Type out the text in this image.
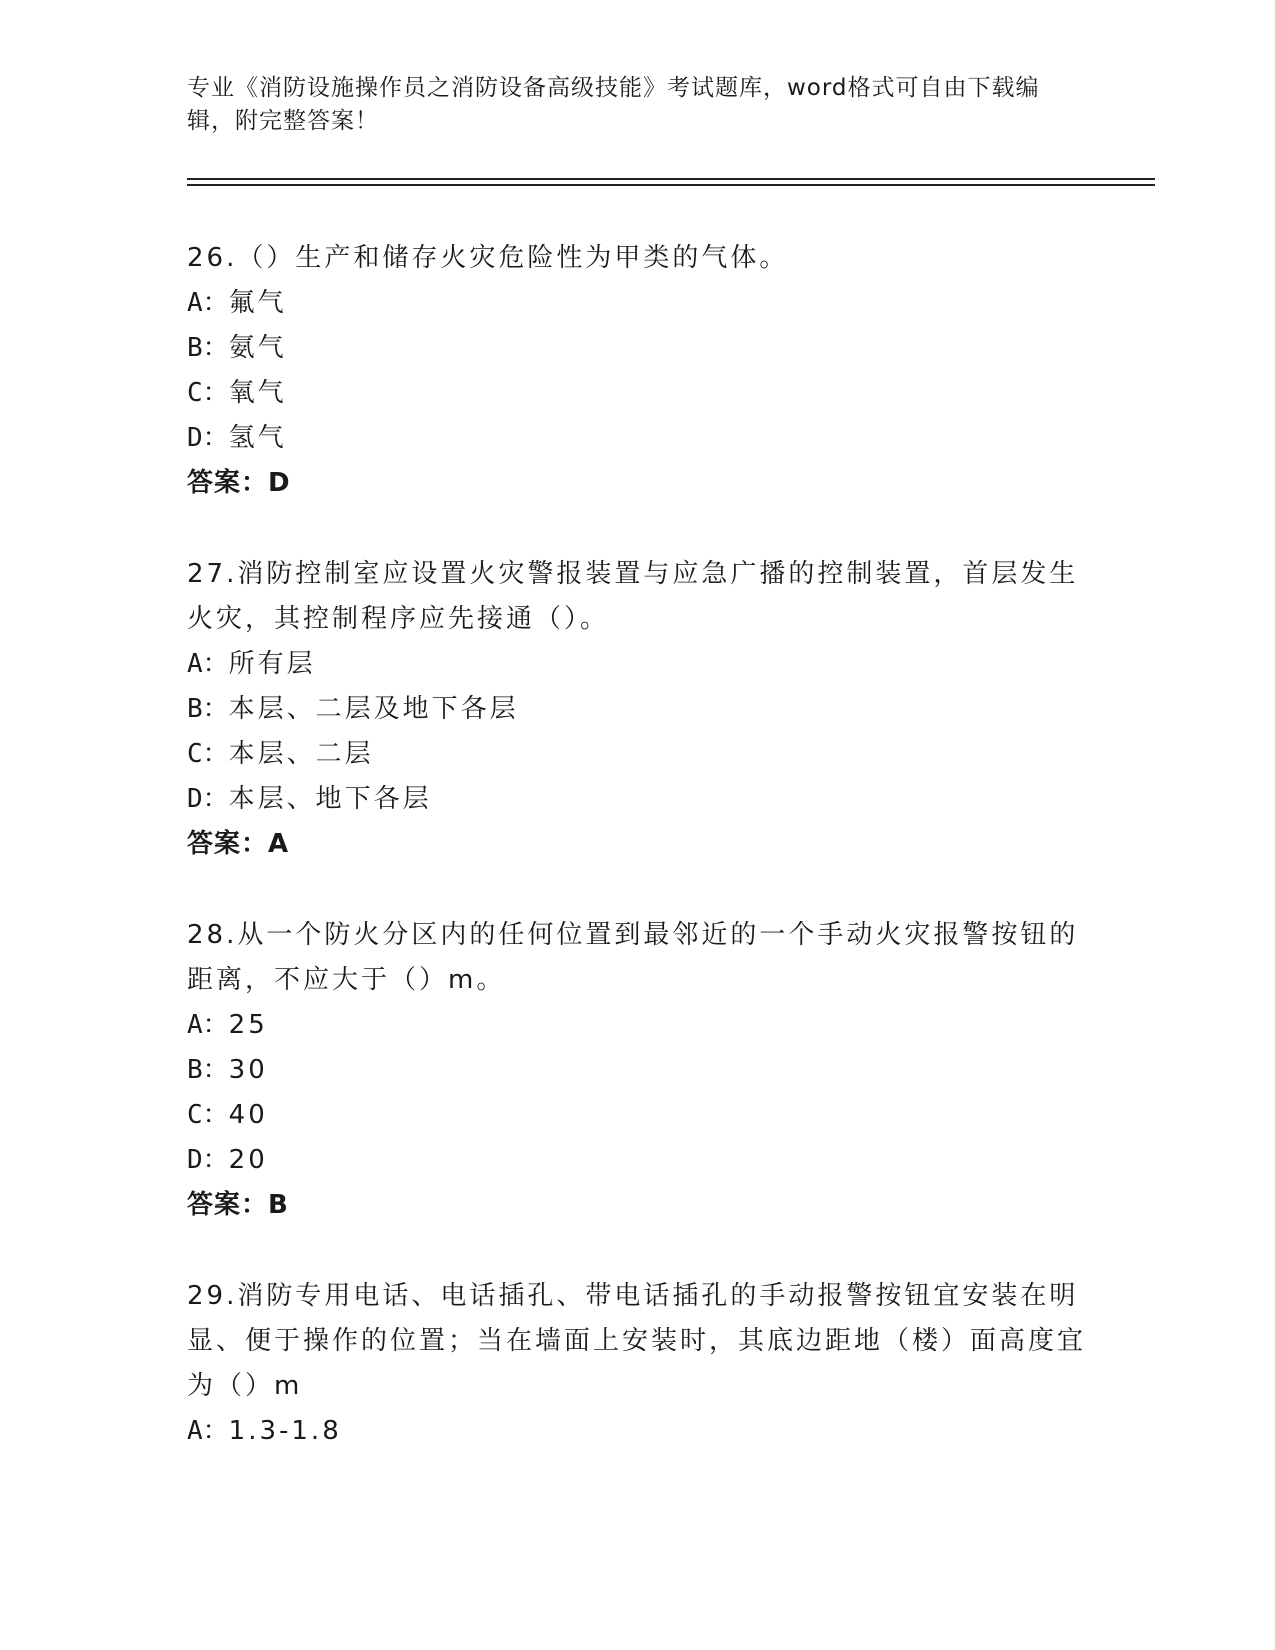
专业《消防设施操作员之消防设备高级技能》考试题库，word格式可自由下载编辑，附完整答案！
26.（）生产和储存火灾危险性为甲类的气体。
A：氟气
B：氨气
C：氧气
D：氢气
答案：D
27.消防控制室应设置火灾警报装置与应急广播的控制装置，首层发生火灾，其控制程序应先接通（）。
A：所有层
B：本层、二层及地下各层
C：本层、二层
D：本层、地下各层
答案：A
28.从一个防火分区内的任何位置到最邻近的一个手动火灾报警按钮的距离，不应大于（）m。
A：25
B：30
C：40
D：20
答案：B
29.消防专用电话、电话插孔、带电话插孔的手动报警按钮宜安装在明显、便于操作的位置；当在墙面上安装时，其底边距地（楼）面高度宜为（）m
A：1.3-1.8
